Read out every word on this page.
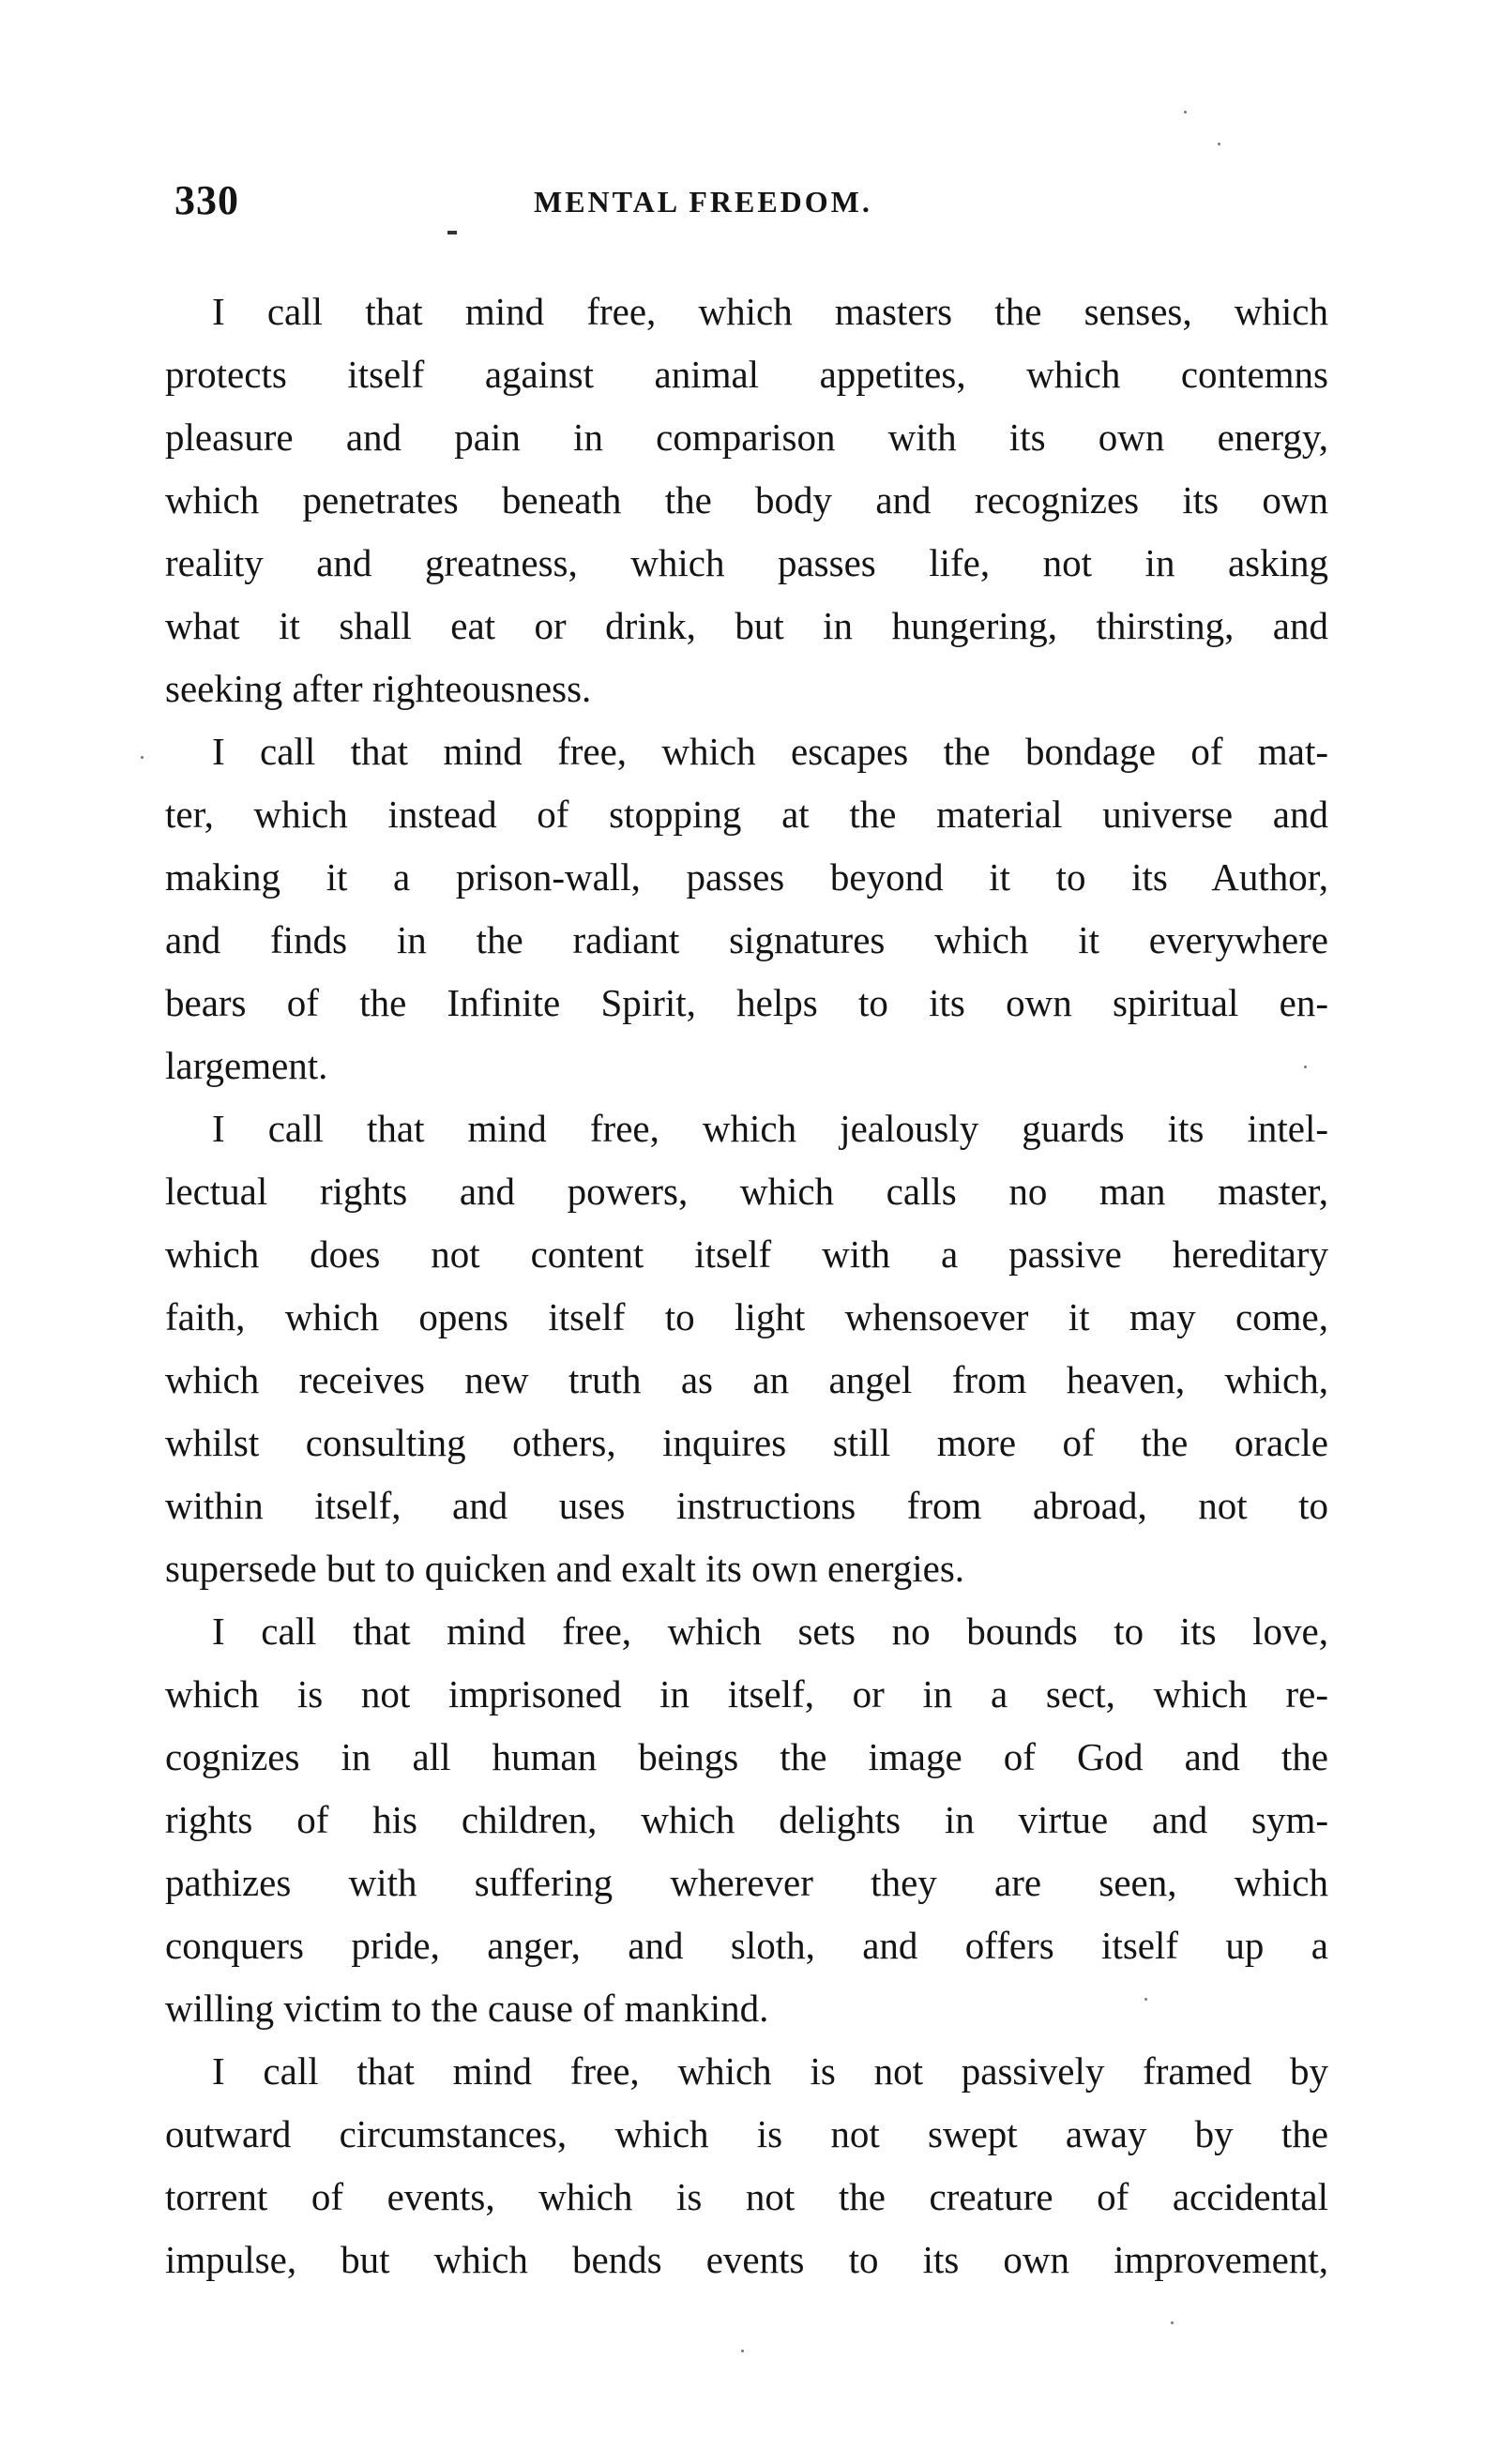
330	MENTAL FREEDOM.
I call that mind free, which masters the senses, which
protects itself against animal appetites, which contemns
pleasure and pain in comparison with its own energy,
which penetrates beneath the body and recognizes its own
reality and greatness, which passes life, not in asking
what it shall eat or drink, but in hungering, thirsting, and
seeking after righteousness.
I call that mind free, which escapes the bondage of mat-
ter, which instead of stopping at the material universe and
making it a prison-wall, passes beyond it to its Author,
and finds in the radiant signatures which it everywhere
bears of the Infinite Spirit, helps to its own spiritual en-
largement.
I call that mind free, which jealously guards its intel-
lectual rights and powers, which calls no man master,
which does not content itself with a passive hereditary
faith, which opens itself to light whensoever it may come,
which receives new truth as an angel from heaven, which,
whilst consulting others, inquires still more of the oracle
within itself, and uses instructions from abroad, not to
supersede but to quicken and exalt its own energies.
I call that mind free, which sets no bounds to its love,
which is not imprisoned in itself, or in a sect, which re-
cognizes in all human beings the image of God and the
rights of his children, which delights in virtue and sym-
pathizes with suffering wherever they are seen, which
conquers pride, anger, and sloth, and offers itself up a
willing victim to the cause of mankind.
I call that mind free, which is not passively framed by
outward circumstances, which is not swept away by the
torrent of events, which is not the creature of accidental
impulse, but which bends events to its own improvement,
